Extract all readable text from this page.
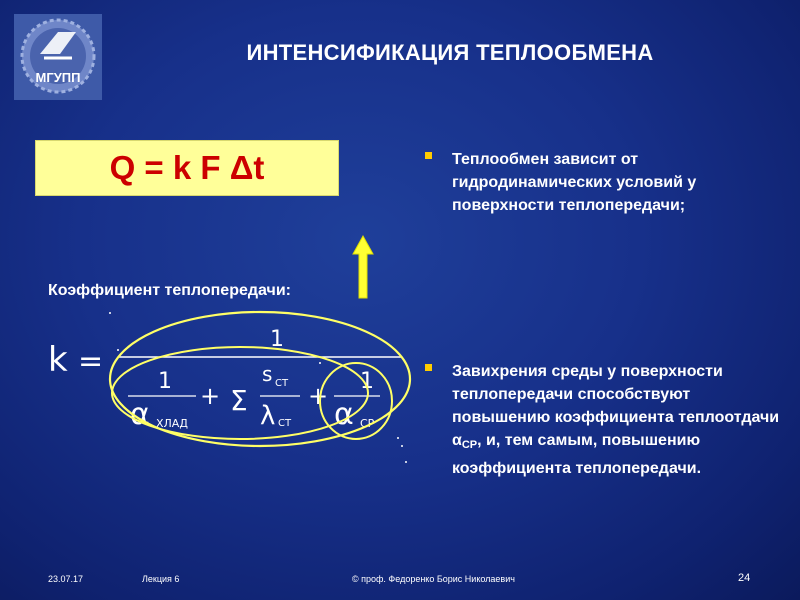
МГУПП
ИНТЕНСИФИКАЦИЯ ТЕПЛООБМЕНА
Q = k F Δt
Коэффициент теплопередачи:
k =
1
1
α ХЛАД
+ Σ
s СТ
λ СТ
+
1
α СР
Теплообмен зависит от гидродинамических условий у поверхности теплопередачи;
Завихрения среды у поверхности теплопередачи способствуют повышению коэффициента теплоотдачи $\alpha_{СР}$, и, тем самым, повышению коэффициента теплопередачи.
23.07.17	Лекция 6	© проф. Федоренко Борис Николаевич	24
